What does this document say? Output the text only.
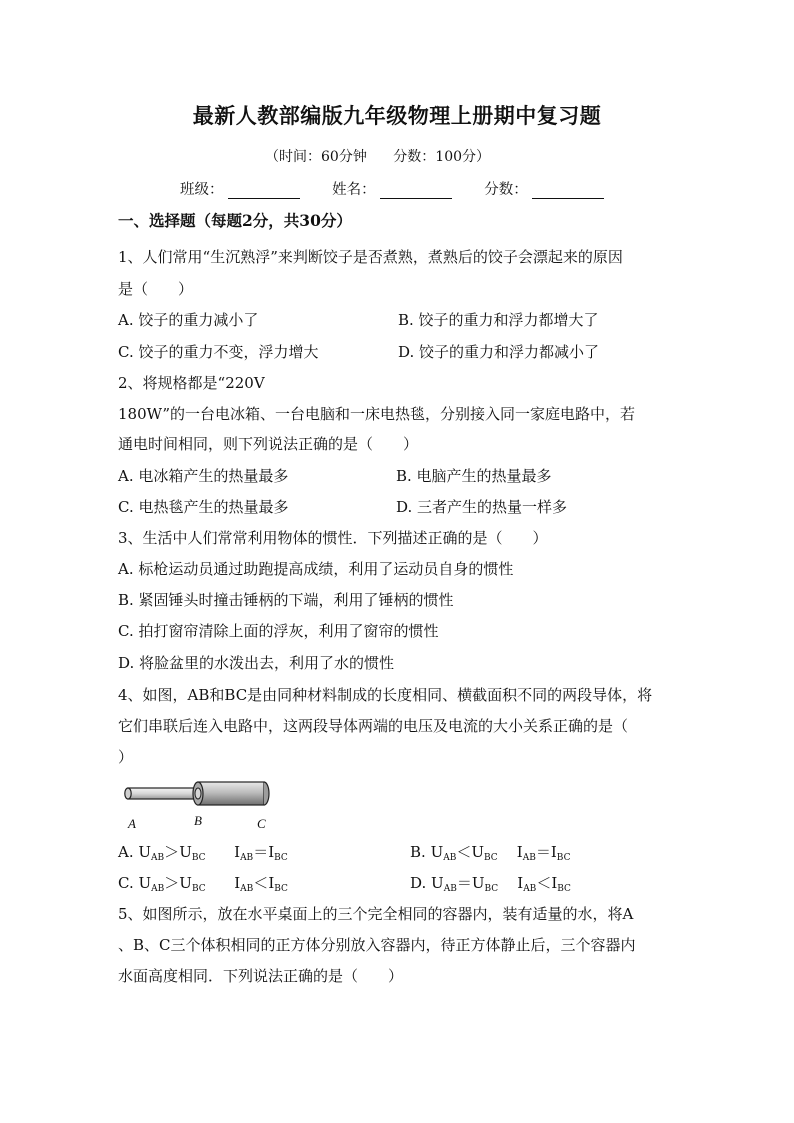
最新人教部编版九年级物理上册期中复习题
（时间：60分钟 分数：100分）
班级：	姓名：	分数：
一、选择题（每题2分，共30分）
1、人们常用“生沉熟浮”来判断饺子是否煮熟，煮熟后的饺子会漂起来的原因
是（　　）
A. 饺子的重力减小了	B. 饺子的重力和浮力都增大了
C. 饺子的重力不变，浮力增大	D. 饺子的重力和浮力都减小了
2、将规格都是“220V
180W”的一台电冰箱、一台电脑和一床电热毯，分别接入同一家庭电路中，若
通电时间相同，则下列说法正确的是（　　）
A. 电冰箱产生的热量最多	B. 电脑产生的热量最多
C. 电热毯产生的热量最多	D. 三者产生的热量一样多
3、生活中人们常常利用物体的惯性．下列描述正确的是（　　）
A. 标枪运动员通过助跑提高成绩，利用了运动员自身的惯性
B. 紧固锤头时撞击锤柄的下端，利用了锤柄的惯性
C. 拍打窗帘清除上面的浮灰，利用了窗帘的惯性
D. 将脸盆里的水泼出去，利用了水的惯性
4、如图，AB和BC是由同种材料制成的长度相同、横截面积不同的两段导体，将
它们串联后连入电路中，这两段导体两端的电压及电流的大小关系正确的是（
）
A	B	C
A. $U_{AB}>U_{BC}$ $I_{AB}=I_{BC}$	B. $U_{AB}<U_{BC}$ $I_{AB}=I_{BC}$
C. $U_{AB}>U_{BC}$ $I_{AB}<I_{BC}$	D. $U_{AB}=U_{BC}$ $I_{AB}<I_{BC}$
5、如图所示，放在水平桌面上的三个完全相同的容器内，装有适量的水，将A
、B、C三个体积相同的正方体分别放入容器内，待正方体静止后，三个容器内
水面高度相同．下列说法正确的是（　　）
